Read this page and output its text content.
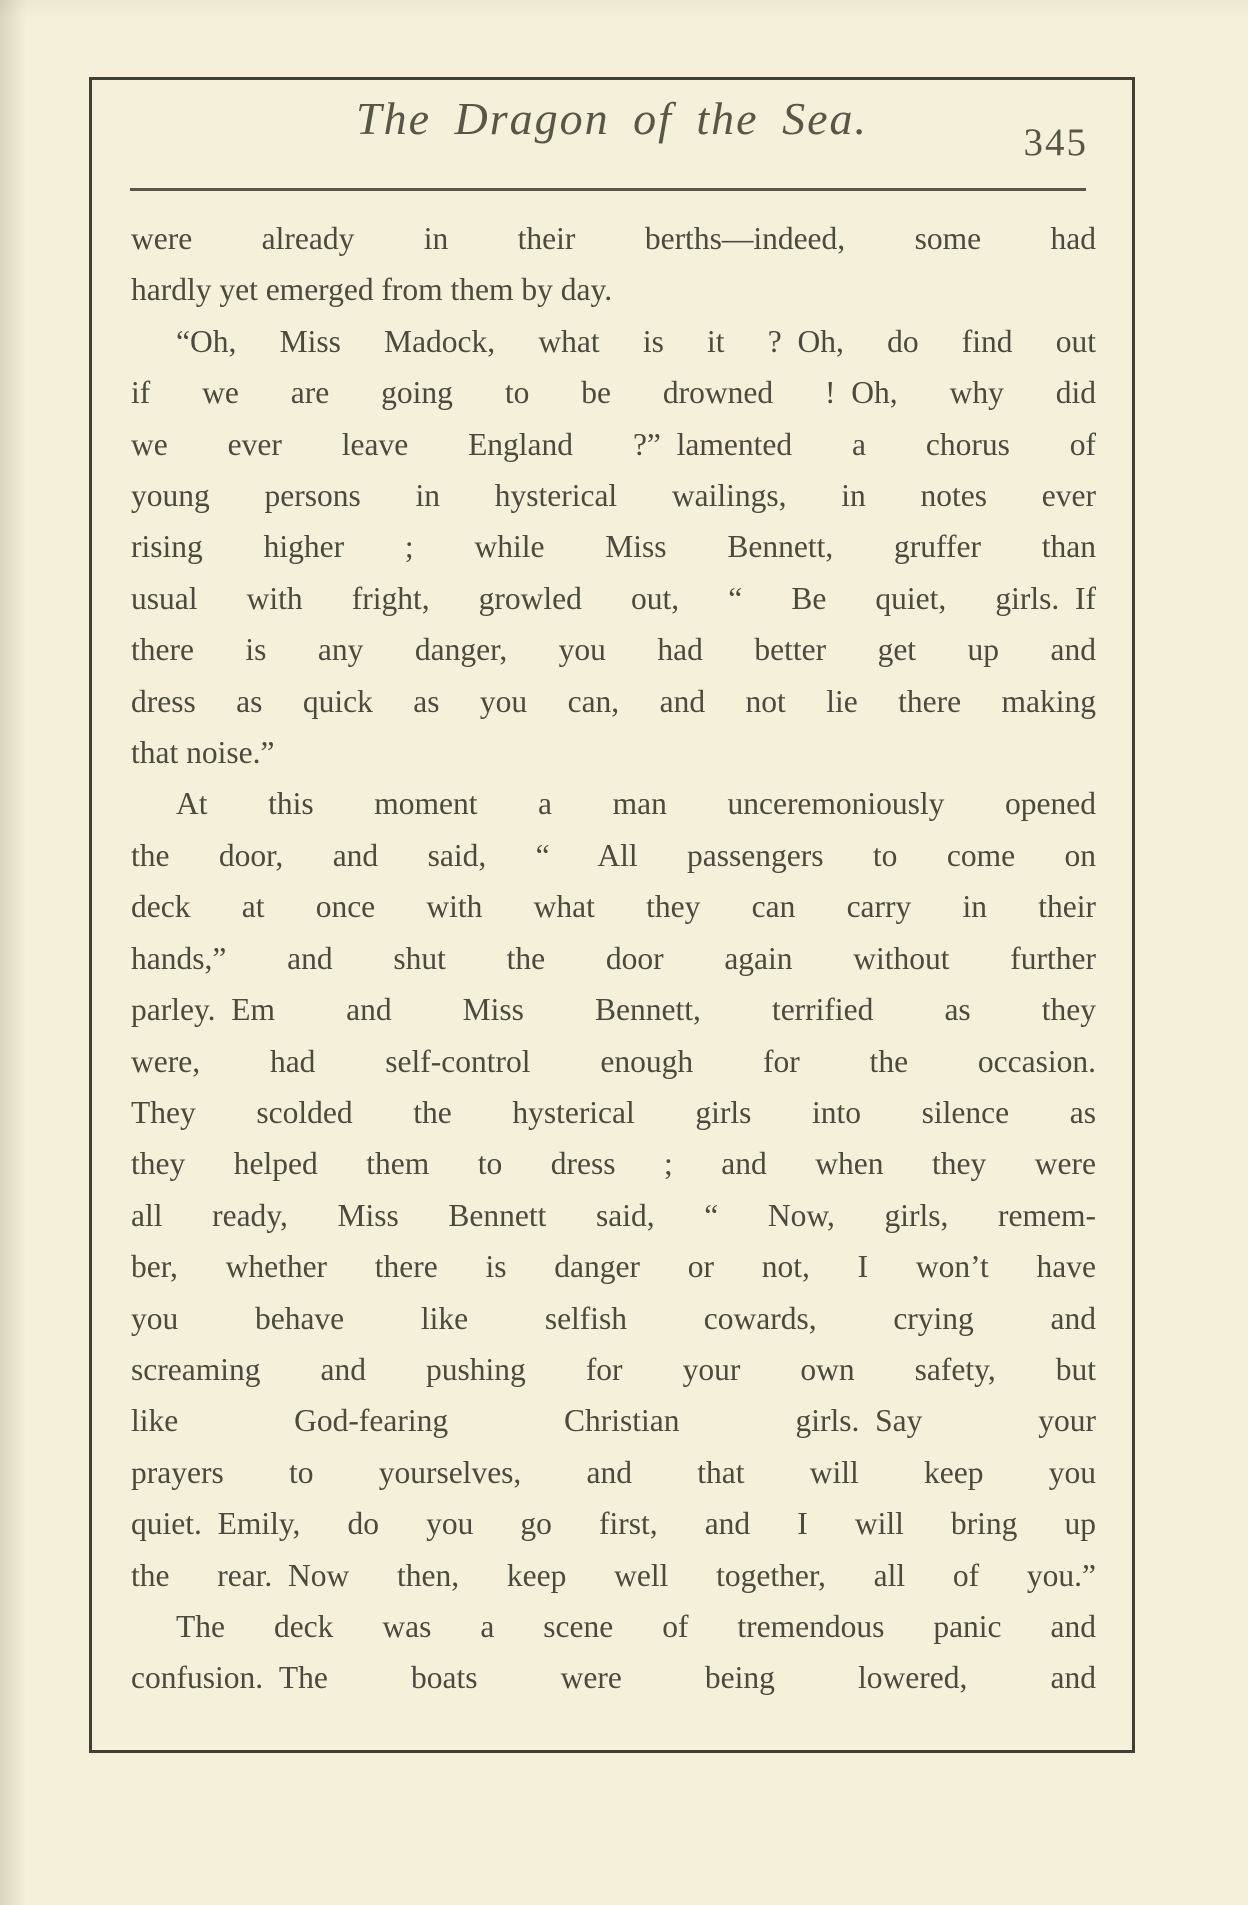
The Dragon of the Sea.	345
were already in their berths—indeed, some had
hardly yet emerged from them by day.
“Oh, Miss Madock, what is it ? Oh, do find out
if we are going to be drowned ! Oh, why did
we ever leave England ?” lamented a chorus of
young persons in hysterical wailings, in notes ever
rising higher ; while Miss Bennett, gruffer than
usual with fright, growled out, “ Be quiet, girls. If
there is any danger, you had better get up and
dress as quick as you can, and not lie there making
that noise.”
At this moment a man unceremoniously opened
the door, and said, “ All passengers to come on
deck at once with what they can carry in their
hands,” and shut the door again without further
parley. Em and Miss Bennett, terrified as they
were, had self-control enough for the occasion.
They scolded the hysterical girls into silence as
they helped them to dress ; and when they were
all ready, Miss Bennett said, “ Now, girls, remem-
ber, whether there is danger or not, I won’t have
you behave like selfish cowards, crying and
screaming and pushing for your own safety, but
like God-fearing Christian girls. Say your
prayers to yourselves, and that will keep you
quiet. Emily, do you go first, and I will bring up
the rear. Now then, keep well together, all of you.”
The deck was a scene of tremendous panic and
confusion. The boats were being lowered, and
